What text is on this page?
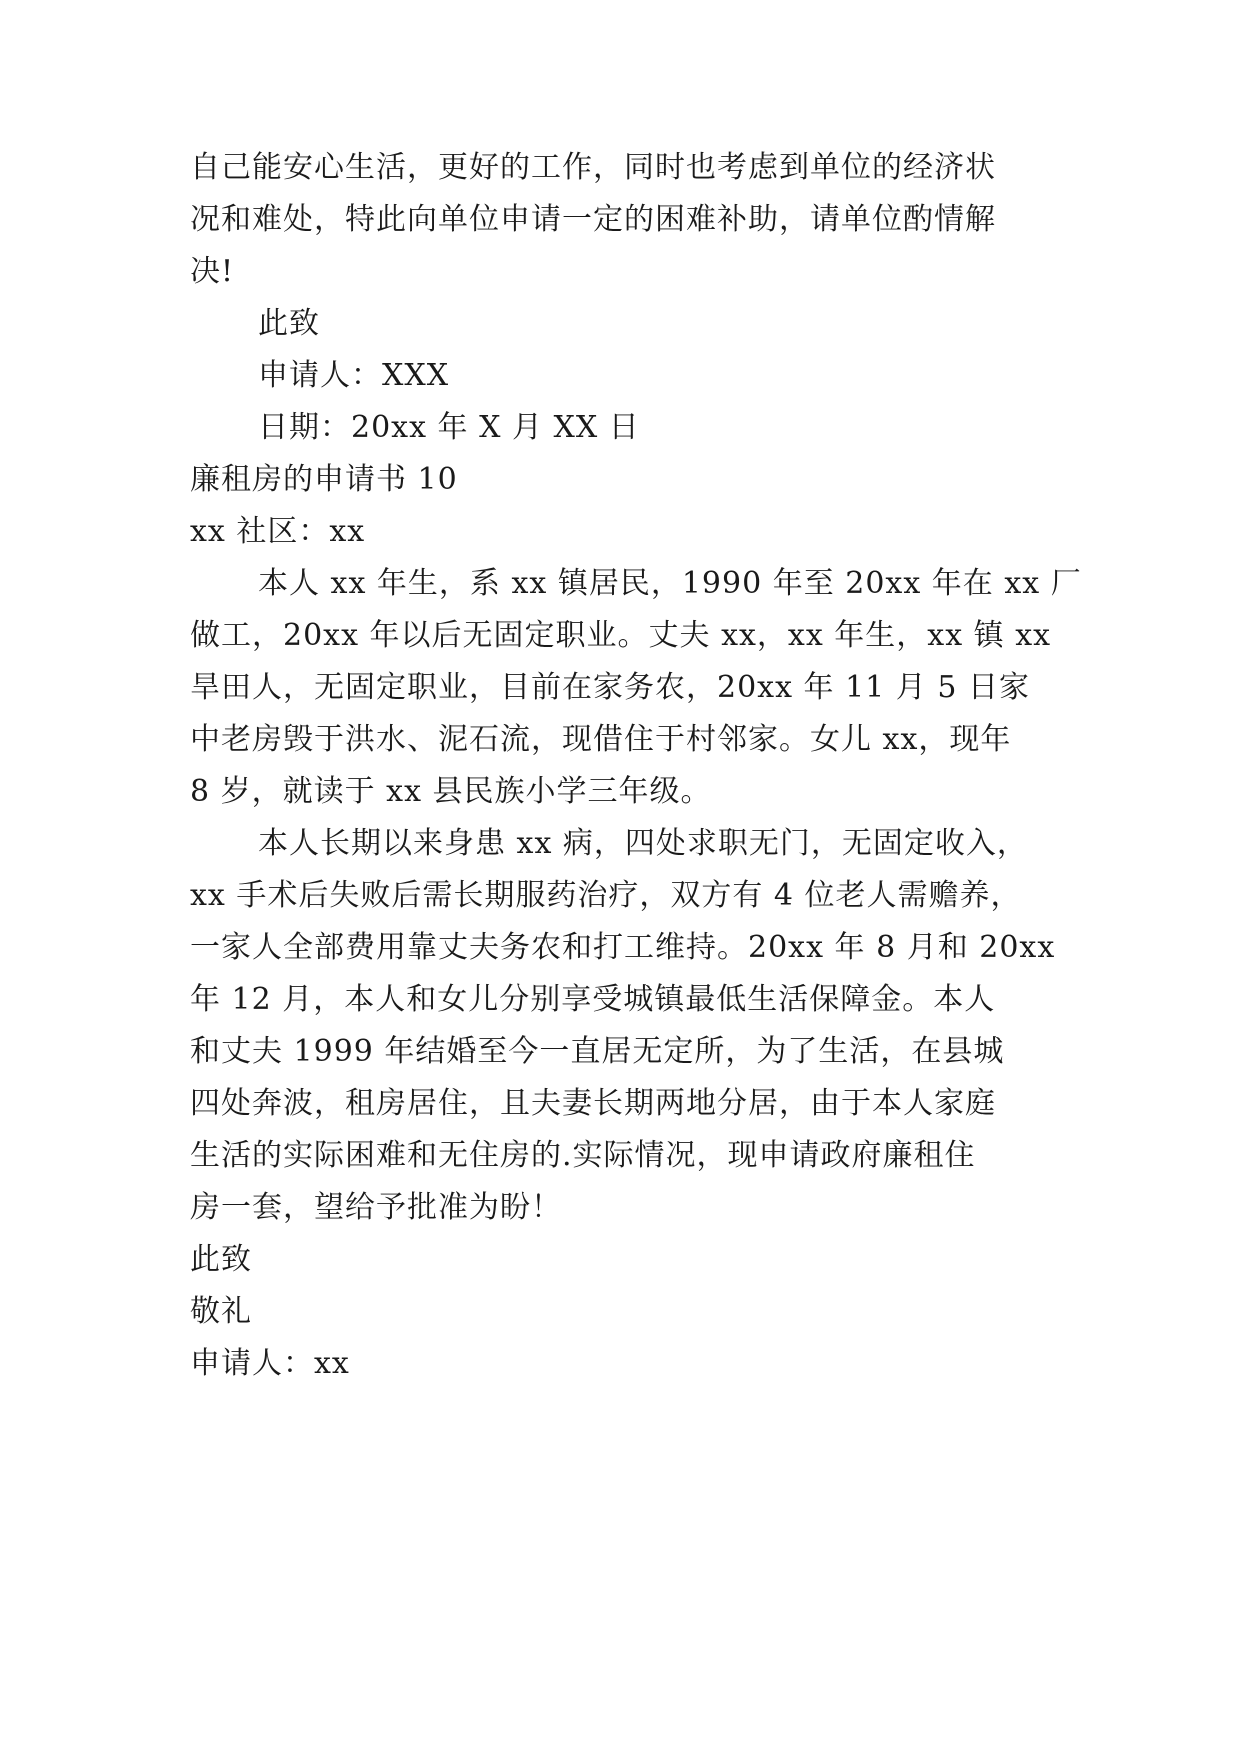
自己能安心生活，更好的工作，同时也考虑到单位的经济状
况和难处，特此向单位申请一定的困难补助，请单位酌情解
决!
此致
申请人：XXX
日期：20xx 年 X 月 XX 日
廉租房的申请书 10
xx 社区：xx
本人 xx 年生，系 xx 镇居民，1990 年至 20xx 年在 xx 厂
做工，20xx 年以后无固定职业。丈夫 xx，xx 年生，xx 镇 xx
旱田人，无固定职业，目前在家务农，20xx 年 11 月 5 日家
中老房毁于洪水、泥石流，现借住于村邻家。女儿 xx，现年
8 岁，就读于 xx 县民族小学三年级。
本人长期以来身患 xx 病，四处求职无门，无固定收入，
xx 手术后失败后需长期服药治疗，双方有 4 位老人需赡养，
一家人全部费用靠丈夫务农和打工维持。20xx 年 8 月和 20xx
年 12 月，本人和女儿分别享受城镇最低生活保障金。本人
和丈夫 1999 年结婚至今一直居无定所，为了生活，在县城
四处奔波，租房居住，且夫妻长期两地分居，由于本人家庭
生活的实际困难和无住房的.实际情况，现申请政府廉租住
房一套，望给予批准为盼！
此致
敬礼
申请人：xx
